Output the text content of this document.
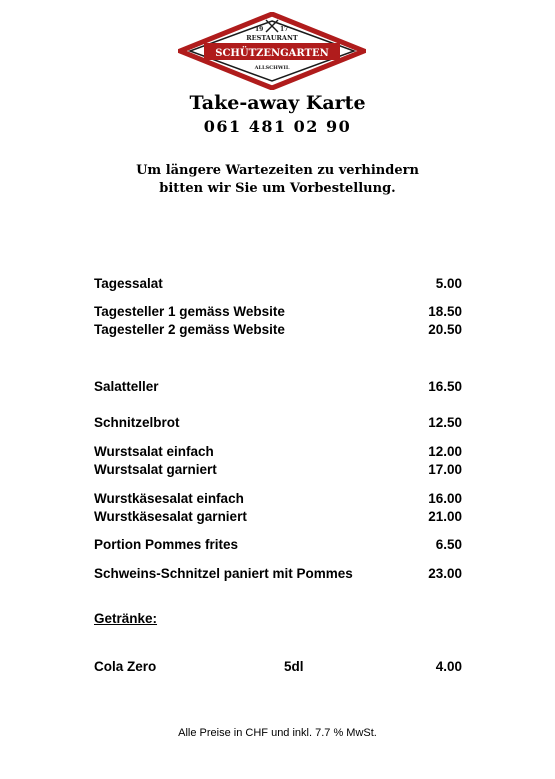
19	17
RESTAURANT
SCHÜTZENGARTEN
ALLSCHWIL
Take-away Karte
061 481 02 90
Um längere Wartezeiten zu verhindern
bitten wir Sie um Vorbestellung.
Tagessalat	5.00
Tagesteller 1 gemäss Website	18.50
Tagesteller 2 gemäss Website	20.50
Salatteller	16.50
Schnitzelbrot	12.50
Wurstsalat einfach	12.00
Wurstsalat garniert	17.00
Wurstkäsesalat einfach	16.00
Wurstkäsesalat garniert	21.00
Portion Pommes frites	6.50
Schweins-Schnitzel paniert mit Pommes	23.00
Getränke:
Cola Zero	5dl	4.00
Alle Preise in CHF und inkl. 7.7 % MwSt.
